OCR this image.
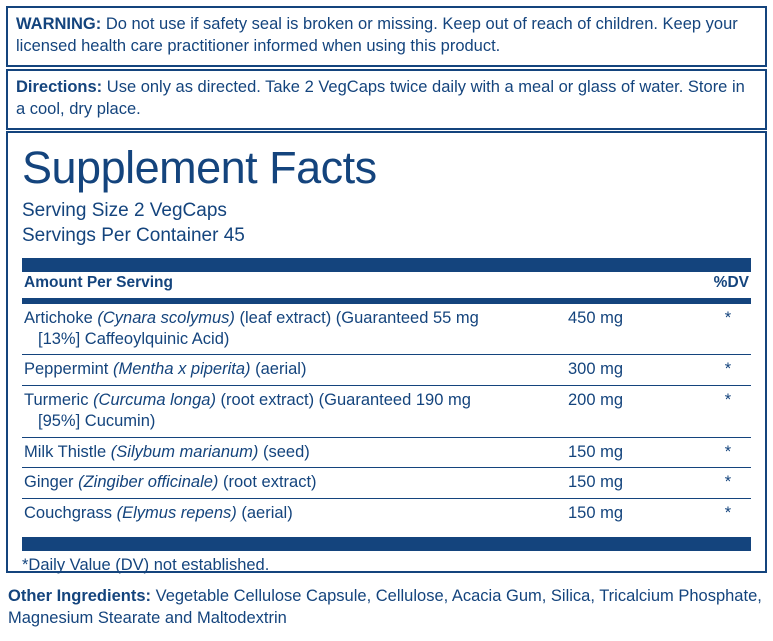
WARNING: Do not use if safety seal is broken or missing. Keep out of reach of children. Keep your licensed health care practitioner informed when using this product.
Directions: Use only as directed. Take 2 VegCaps twice daily with a meal or glass of water. Store in a cool, dry place.
Supplement Facts
Serving Size 2 VegCaps
Servings Per Container 45
Amount Per Serving	%DV
Artichoke (Cynara scolymus) (leaf extract) (Guaranteed 55 mg
[13%] Caffeoylquinic Acid)	450 mg	*
Peppermint (Mentha x piperita) (aerial)	300 mg	*
Turmeric (Curcuma longa) (root extract) (Guaranteed 190 mg
[95%] Cucumin)	200 mg	*
Milk Thistle (Silybum marianum) (seed)	150 mg	*
Ginger (Zingiber officinale) (root extract)	150 mg	*
Couchgrass (Elymus repens) (aerial)	150 mg	*
*Daily Value (DV) not established.
Other Ingredients: Vegetable Cellulose Capsule, Cellulose, Acacia Gum, Silica, Tricalcium Phosphate, Magnesium Stearate and Maltodextrin
